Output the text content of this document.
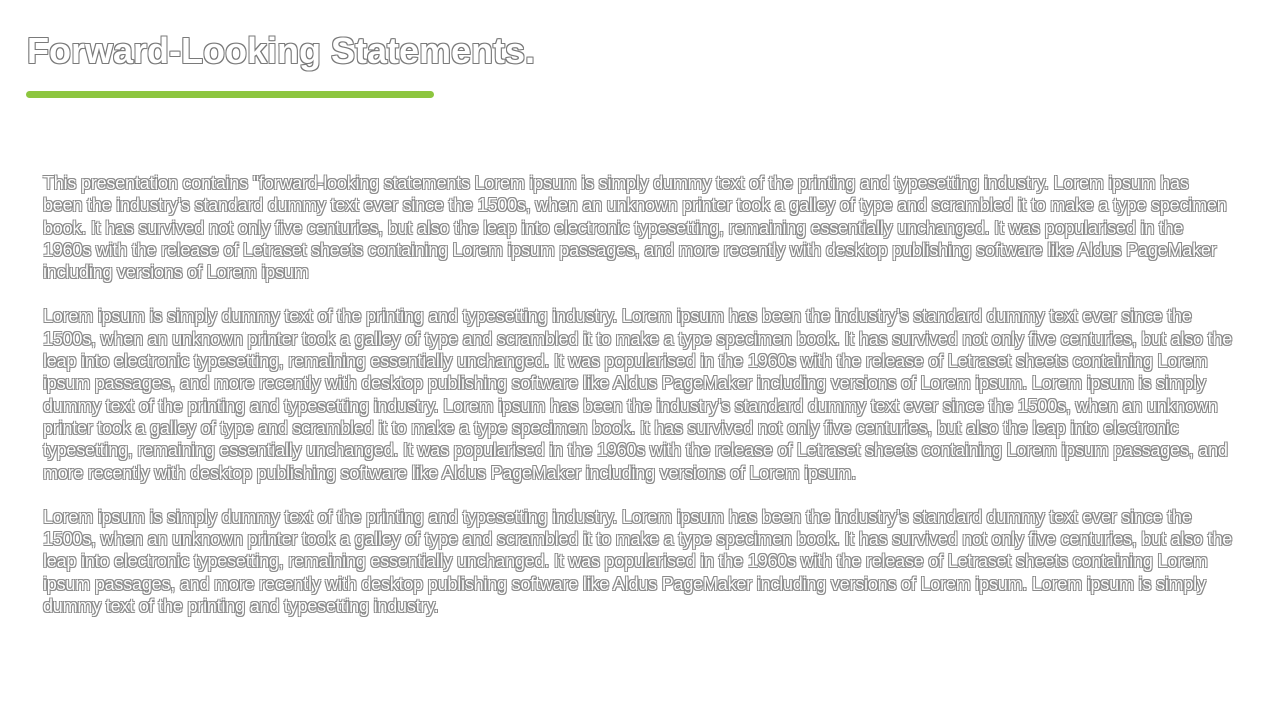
Forward-Looking Statements.

This presentation contains "forward-looking statements Lorem ipsum is simply dummy text of the printing and typesetting industry. Lorem ipsum has been the industry's standard dummy text ever since the 1500s, when an unknown printer took a galley of type and scrambled it to make a type specimen book. It has survived not only five centuries, but also the leap into electronic typesetting, remaining essentially unchanged. It was popularised in the 1960s with the release of Letraset sheets containing Lorem ipsum passages, and more recently with desktop publishing software like Aldus PageMaker including versions of Lorem ipsum

Lorem ipsum is simply dummy text of the printing and typesetting industry. Lorem ipsum has been the industry's standard dummy text ever since the 1500s, when an unknown printer took a galley of type and scrambled it to make a type specimen book. It has survived not only five centuries, but also the leap into electronic typesetting, remaining essentially unchanged. It was popularised in the 1960s with the release of Letraset sheets containing Lorem ipsum passages, and more recently with desktop publishing software like Aldus PageMaker including versions of Lorem ipsum. Lorem ipsum is simply dummy text of the printing and typesetting industry. Lorem ipsum has been the industry's standard dummy text ever since the 1500s, when an unknown printer took a galley of type and scrambled it to make a type specimen book. It has survived not only five centuries, but also the leap into electronic typesetting, remaining essentially unchanged. It was popularised in the 1960s with the release of Letraset sheets containing Lorem ipsum passages, and more recently with desktop publishing software like Aldus PageMaker including versions of Lorem ipsum.

Lorem ipsum is simply dummy text of the printing and typesetting industry. Lorem ipsum has been the industry's standard dummy text ever since the 1500s, when an unknown printer took a galley of type and scrambled it to make a type specimen book. It has survived not only five centuries, but also the leap into electronic typesetting, remaining essentially unchanged. It was popularised in the 1960s with the release of Letraset sheets containing Lorem ipsum passages, and more recently with desktop publishing software like Aldus PageMaker including versions of Lorem ipsum. Lorem ipsum is simply dummy text of the printing and typesetting industry.
